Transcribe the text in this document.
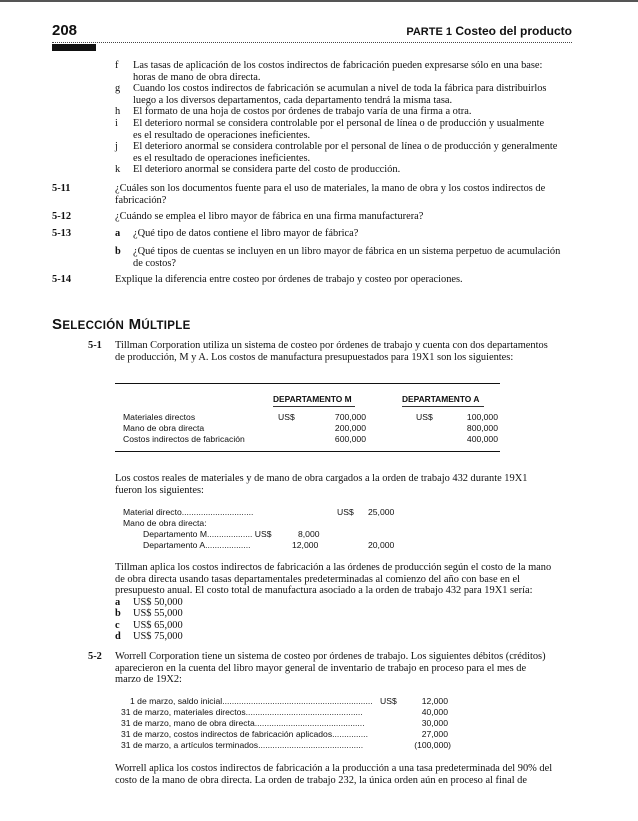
208	PARTE 1 Costeo del producto
f Las tasas de aplicación de los costos indirectos de fabricación pueden expresarse sólo en una base:
horas de mano de obra directa.
g Cuando los costos indirectos de fabricación se acumulan a nivel de toda la fábrica para distribuirlos
luego a los diversos departamentos, cada departamento tendrá la misma tasa.
h El formato de una hoja de costos por órdenes de trabajo varía de una firma a otra.
i El deterioro normal se considera controlable por el personal de línea o de producción y usualmente
es el resultado de operaciones ineficientes.
j El deterioro anormal se considera controlable por el personal de línea o de producción y generalmente
es el resultado de operaciones ineficientes.
k El deterioro anormal se considera parte del costo de producción.
5-11	¿Cuáles son los documentos fuente para el uso de materiales, la mano de obra y los costos indirectos de
fabricación?
5-12	¿Cuándo se emplea el libro mayor de fábrica en una firma manufacturera?
5-13	a ¿Qué tipo de datos contiene el libro mayor de fábrica?
b ¿Qué tipos de cuentas se incluyen en un libro mayor de fábrica en un sistema perpetuo de acumulación
de costos?
5-14	Explique la diferencia entre costeo por órdenes de trabajo y costeo por operaciones.
SELECCIÓN MÚLTIPLE
5-1 Tillman Corporation utiliza un sistema de costeo por órdenes de trabajo y cuenta con dos departamentos
de producción, M y A. Los costos de manufactura presupuestados para 19X1 son los siguientes:
DEPARTAMENTO M	DEPARTAMENTO A
Materiales directos	US$	700,000		US$	100,000	
Mano de obra directa		200,000			800,000	
Costos indirectos de fabricación		600,000			400,000	
Los costos reales de materiales y de mano de obra cargados a la orden de trabajo 432 durante 19X1
fueron los siguientes:
Material directo..............................	US$ 25,000
Mano de obra directa:
Departamento M................... US$	8,000
Departamento A...................	12,000	20,000
Tillman aplica los costos indirectos de fabricación a las órdenes de producción según el costo de la mano
de obra directa usando tasas departamentales predeterminadas al comienzo del año con base en el
presupuesto anual. El costo total de manufactura asociado a la orden de trabajo 432 para 19X1 sería:
a US$ 50,000
b US$ 55,000
c US$ 65,000
d US$ 75,000
5-2 Worrell Corporation tiene un sistema de costeo por órdenes de trabajo. Los siguientes débitos (créditos)
aparecieron en la cuenta del libro mayor general de inventario de trabajo en proceso para el mes de
marzo de 19X2:
1 de marzo, saldo inicial............................................................... US$	12,000
31 de marzo, materiales directos.................................................	40,000
31 de marzo, mano de obra directa..............................................	30,000
31 de marzo, costos indirectos de fabricación aplicados...............	27,000
31 de marzo, a artículos terminados............................................	(100,000)
Worrell aplica los costos indirectos de fabricación a la producción a una tasa predeterminada del 90% del
costo de la mano de obra directa. La orden de trabajo 232, la única orden aún en proceso al final de
